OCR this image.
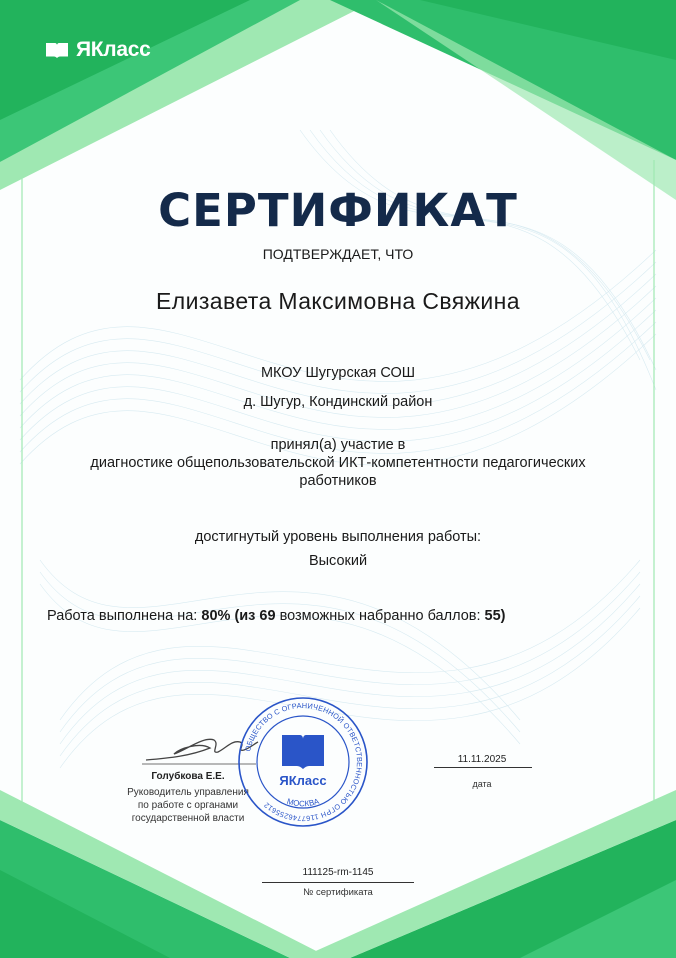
ЯКласс
СЕРТИФИКАТ
ПОДТВЕРЖДАЕТ, ЧТО
Елизавета Максимовна Свяжина
МКОУ Шугурская СОШ
д. Шугур, Кондинский район
принял(а) участие в
диагностике общепользовательской ИКТ-компетентности педагогических
работников
достигнутый уровень выполнения работы:
Высокий
Работа выполнена на: 80% (из 69 возможных набранно баллов: 55)
Голубкова Е.Е.
Руководитель управления
по работе с органами
государственной власти
ОБЩЕСТВО С ОГРАНИЧЕННОЙ ОТВЕТСТВЕННОСТЬЮ ОГРН 1167746255612	МОСКВА
ЯКласс
11.11.2025
дата
111125-rm-1145
№ сертификата
